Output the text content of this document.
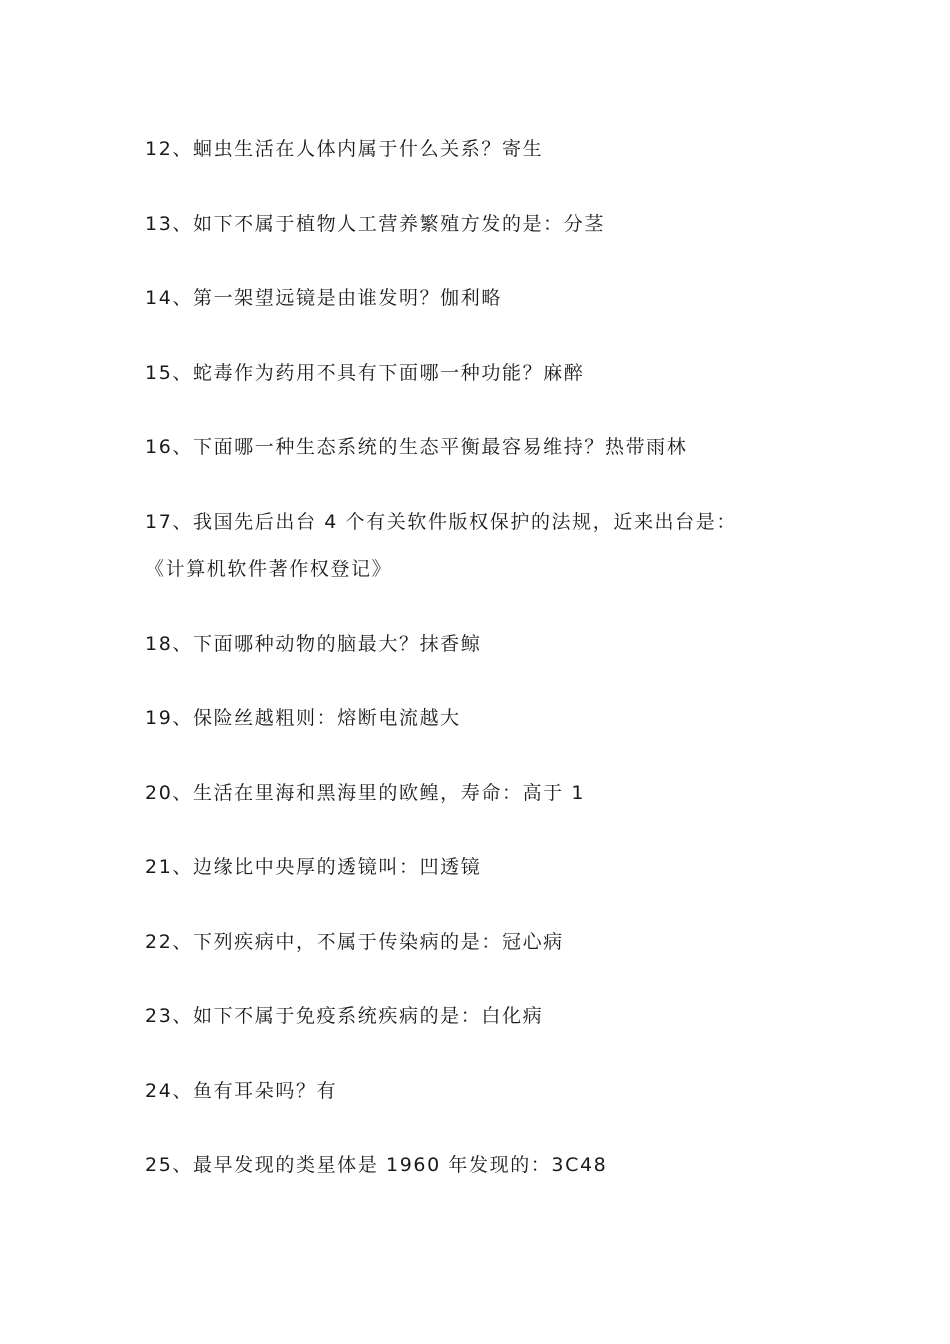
12、蛔虫生活在人体内属于什么关系？寄生
13、如下不属于植物人工营养繁殖方发的是：分茎
14、第一架望远镜是由谁发明？伽利略
15、蛇毒作为药用不具有下面哪一种功能？麻醉
16、下面哪一种生态系统的生态平衡最容易维持？热带雨林
17、我国先后出台 4 个有关软件版权保护的法规，近来出台是：
《计算机软件著作权登记》
18、下面哪种动物的脑最大？抹香鲸
19、保险丝越粗则：熔断电流越大
20、生活在里海和黑海里的欧鳇，寿命：高于 1
21、边缘比中央厚的透镜叫：凹透镜
22、下列疾病中，不属于传染病的是：冠心病
23、如下不属于免疫系统疾病的是：白化病
24、鱼有耳朵吗？有
25、最早发现的类星体是 1960 年发现的：3C48
